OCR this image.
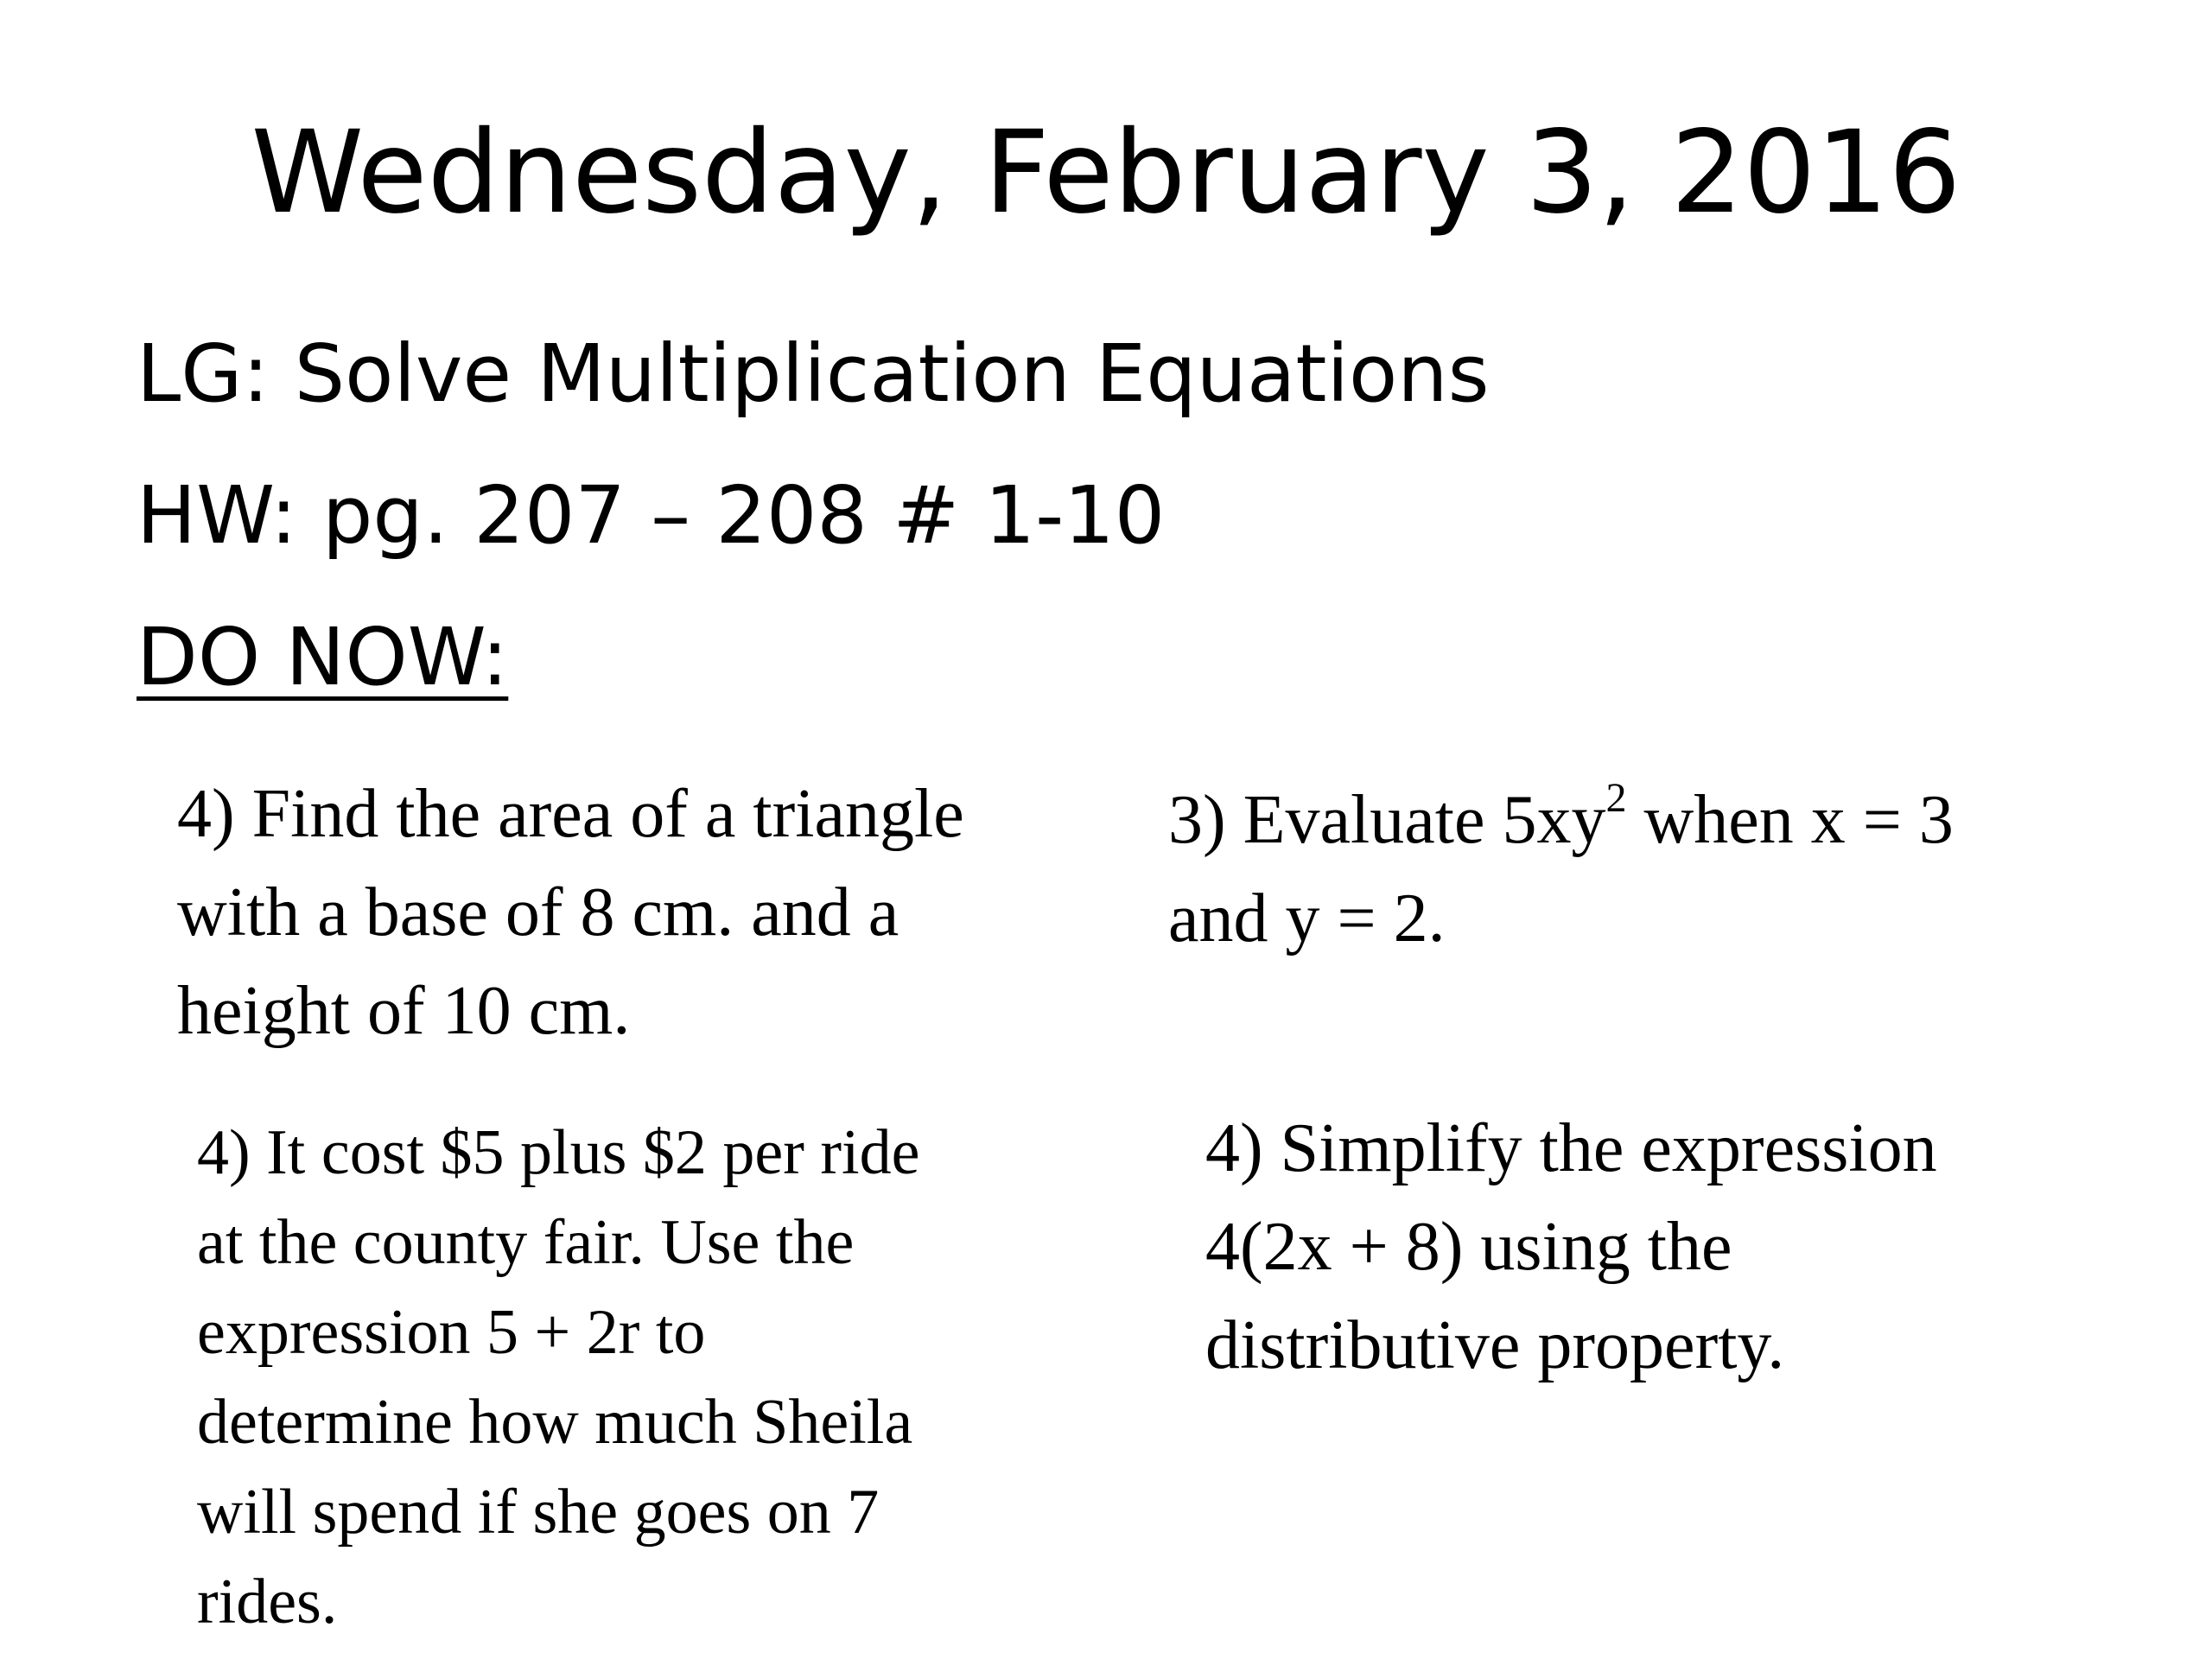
Wednesday, February 3, 2016
LG: Solve Multiplication Equations
HW: pg. 207 – 208 # 1-10
DO NOW:
4) Find the area of a triangle
with a base of 8 cm. and a
height of 10 cm.
3) Evaluate $5xy^2$ when x = 3
and y = 2.
4) It cost $5 plus $2 per ride
at the county fair. Use the
expression 5 + 2r to
determine how much Sheila
will spend if she goes on 7
rides.
4) Simplify the expression
4(2x + 8) using the
distributive property.
